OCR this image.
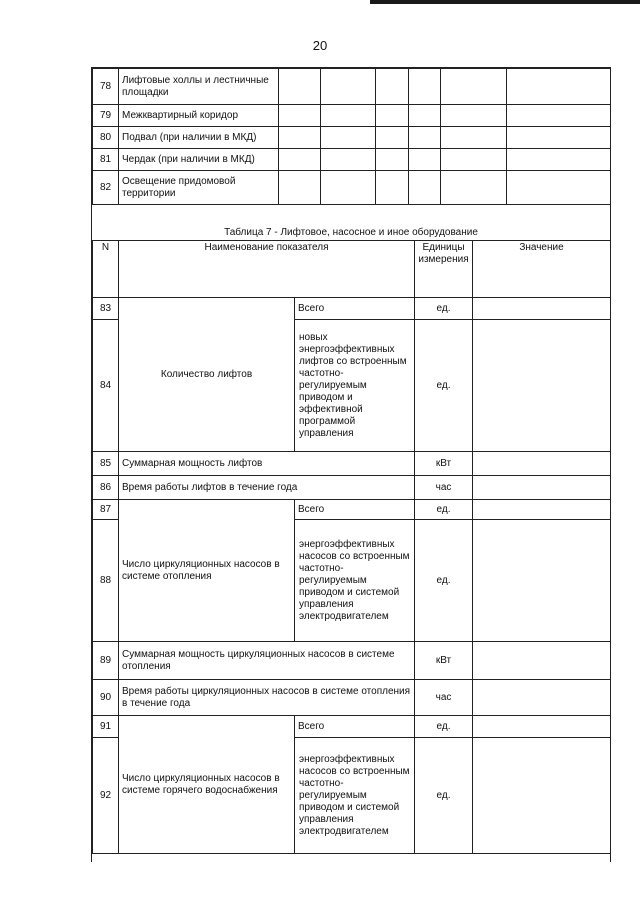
20
78	Лифтовые холлы и лестничные площадки						
79	Межквартирный коридор						
80	Подвал (при наличии в МКД)						
81	Чердак (при наличии в МКД)						
82	Освещение придомовой территории						
Таблица 7 - Лифтовое, насосное и иное оборудование
N	Наименование показателя		Единицы измерения	Значение
83	Количество лифтов	Всего	ед.	
84		новых энергоэффективных лифтов со встроенным частотно-регулируемым приводом и эффективной программой управления	ед.	
85	Суммарная мощность лифтов		кВт	
86	Время работы лифтов в течение года		час	
87	Число циркуляционных насосов в системе отопления	Всего	ед.	
88		энергоэффективных насосов со встроенным частотно-регулируемым приводом и системой управления электродвигателем	ед.	
89	Суммарная мощность циркуляционных насосов в системе отопления		кВт	
90	Время работы циркуляционных насосов в системе отопления в течение года		час	
91	Число циркуляционных насосов в системе горячего водоснабжения	Всего	ед.	
92		энергоэффективных насосов со встроенным частотно-регулируемым приводом и системой управления электродвигателем	ед.	
